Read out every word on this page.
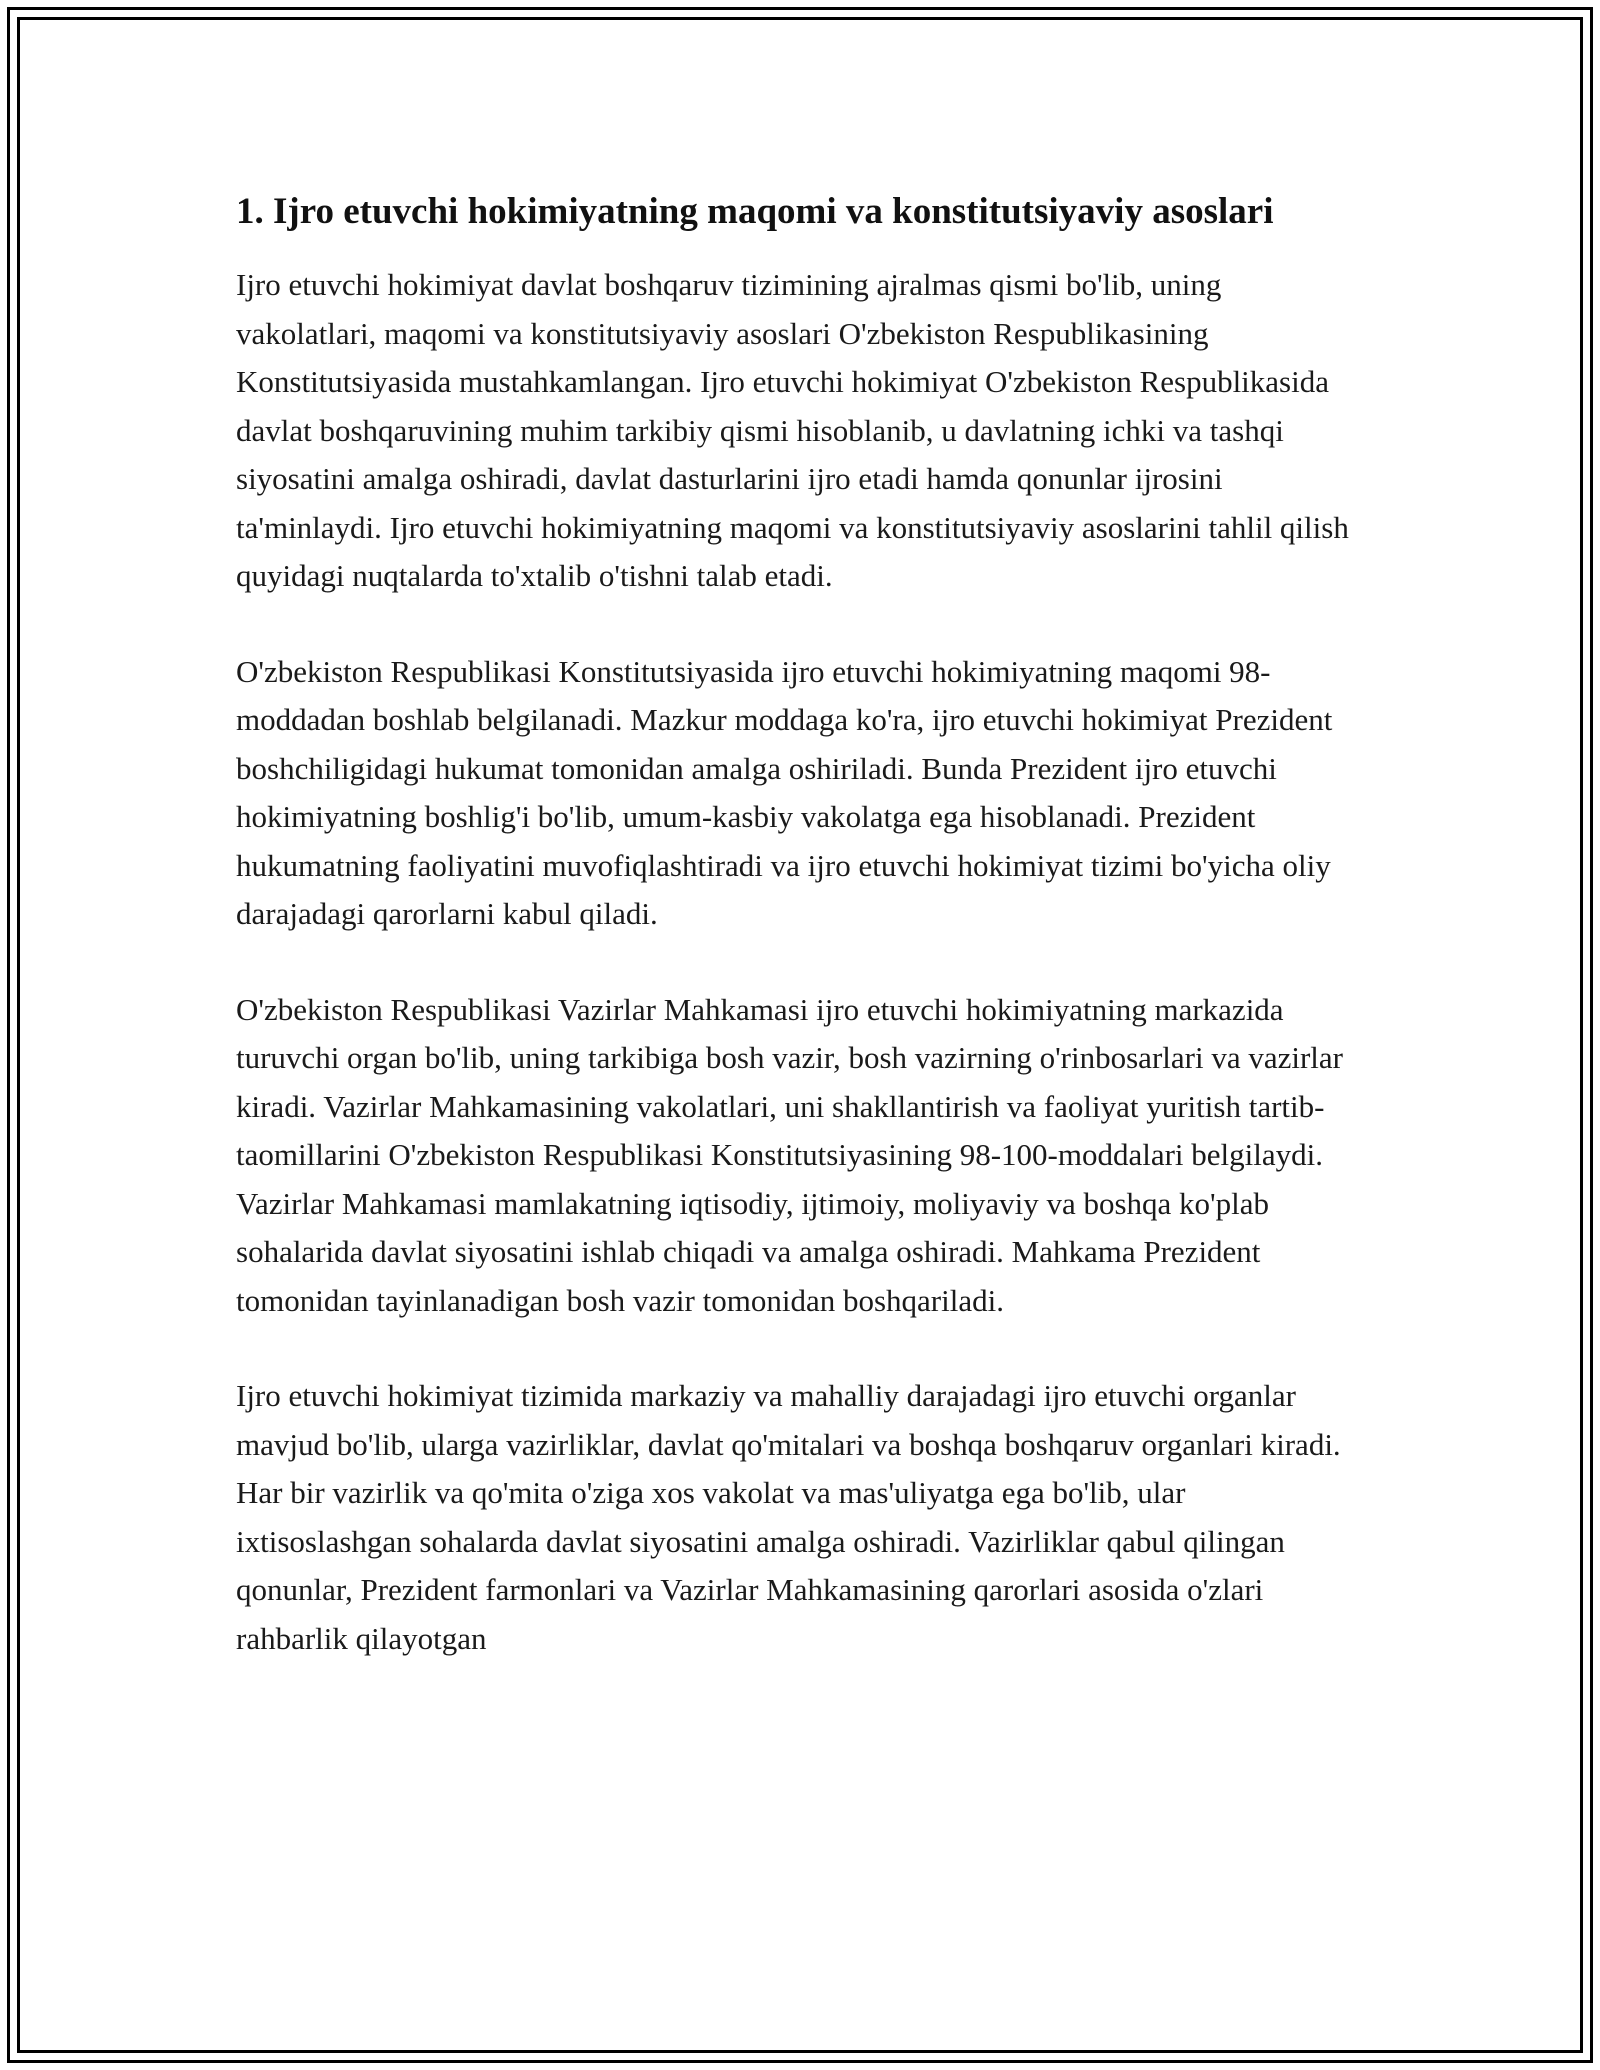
1. Ijro etuvchi hokimiyatning maqomi va konstitutsiyaviy asoslari

Ijro etuvchi hokimiyat davlat boshqaruv tizimining ajralmas qismi bo'lib, uning vakolatlari, maqomi va konstitutsiyaviy asoslari O'zbekiston Respublikasining Konstitutsiyasida mustahkamlangan. Ijro etuvchi hokimiyat O'zbekiston Respublikasida davlat boshqaruvining muhim tarkibiy qismi hisoblanib, u davlatning ichki va tashqi siyosatini amalga oshiradi, davlat dasturlarini ijro etadi hamda qonunlar ijrosini ta'minlaydi. Ijro etuvchi hokimiyatning maqomi va konstitutsiyaviy asoslarini tahlil qilish quyidagi nuqtalarda to'xtalib o'tishni talab etadi.

O'zbekiston Respublikasi Konstitutsiyasida ijro etuvchi hokimiyatning maqomi 98-moddadan boshlab belgilanadi. Mazkur moddaga ko'ra, ijro etuvchi hokimiyat Prezident boshchiligidagi hukumat tomonidan amalga oshiriladi. Bunda Prezident ijro etuvchi hokimiyatning boshlig'i bo'lib, umum-kasbiy vakolatga ega hisoblanadi. Prezident hukumatning faoliyatini muvofiqlashtiradi va ijro etuvchi hokimiyat tizimi bo'yicha oliy darajadagi qarorlarni kabul qiladi.

O'zbekiston Respublikasi Vazirlar Mahkamasi ijro etuvchi hokimiyatning markazida turuvchi organ bo'lib, uning tarkibiga bosh vazir, bosh vazirning o'rinbosarlari va vazirlar kiradi. Vazirlar Mahkamasining vakolatlari, uni shakllantirish va faoliyat yuritish tartib-taomillarini O'zbekiston Respublikasi Konstitutsiyasining 98-100-moddalari belgilaydi. Vazirlar Mahkamasi mamlakatning iqtisodiy, ijtimoiy, moliyaviy va boshqa ko'plab sohalarida davlat siyosatini ishlab chiqadi va amalga oshiradi. Mahkama Prezident tomonidan tayinlanadigan bosh vazir tomonidan boshqariladi.

Ijro etuvchi hokimiyat tizimida markaziy va mahalliy darajadagi ijro etuvchi organlar mavjud bo'lib, ularga vazirliklar, davlat qo'mitalari va boshqa boshqaruv organlari kiradi. Har bir vazirlik va qo'mita o'ziga xos vakolat va mas'uliyatga ega bo'lib, ular ixtisoslashgan sohalarda davlat siyosatini amalga oshiradi. Vazirliklar qabul qilingan qonunlar, Prezident farmonlari va Vazirlar Mahkamasining qarorlari asosida o'zlari rahbarlik qilayotgan
